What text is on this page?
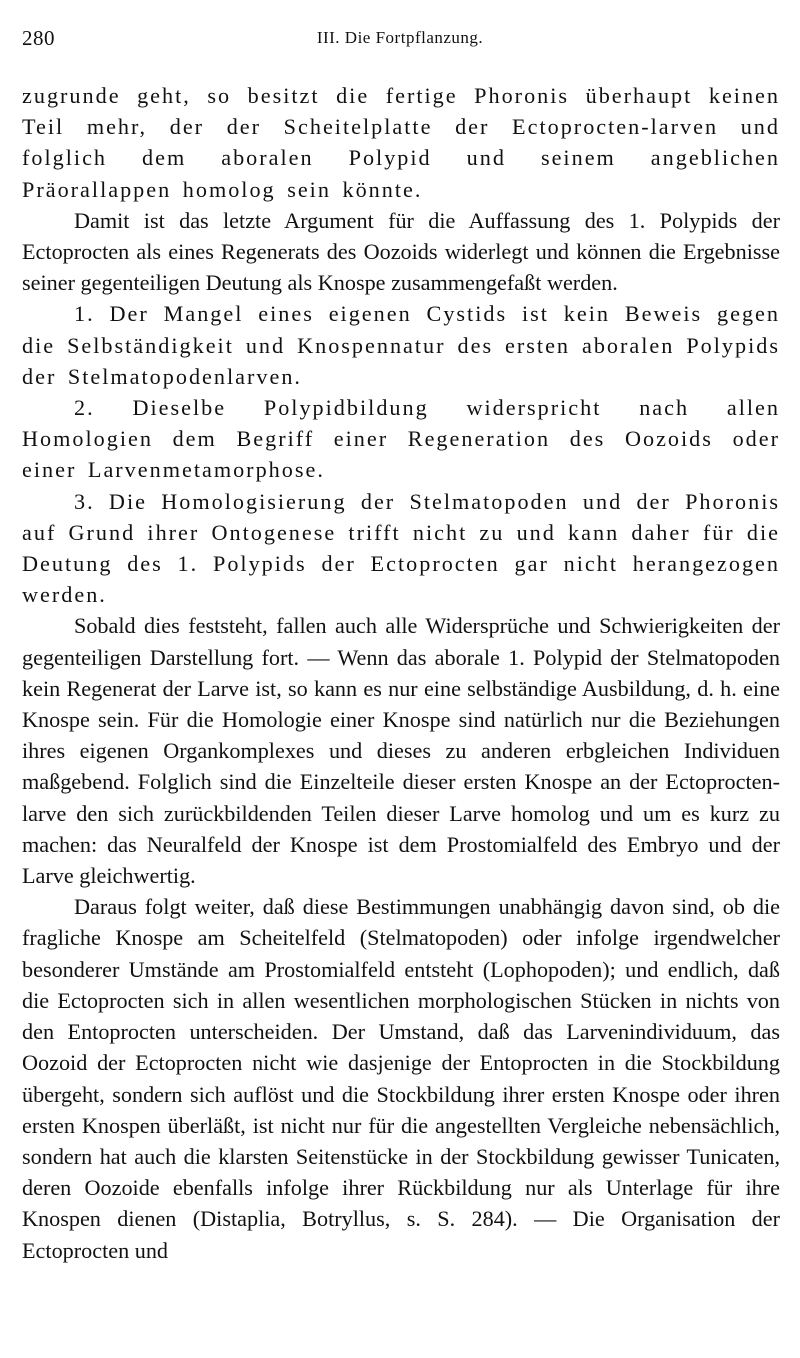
280	III. Die Fortpflanzung.

zugrunde geht, so besitzt die fertige Phoronis überhaupt keinen Teil mehr, der der Scheitelplatte der Ectoprocten-larven und folglich dem aboralen Polypid und seinem angeblichen Präorallappen homolog sein könnte.

Damit ist das letzte Argument für die Auffassung des 1. Polypids der Ectoprocten als eines Regenerats des Oozoids widerlegt und können die Ergebnisse seiner gegenteiligen Deutung als Knospe zusammengefaßt werden.

1. Der Mangel eines eigenen Cystids ist kein Beweis gegen die Selbständigkeit und Knospennatur des ersten aboralen Polypids der Stelmatopodenlarven.

2. Dieselbe Polypidbildung widerspricht nach allen Homologien dem Begriff einer Regeneration des Oozoids oder einer Larvenmetamorphose.

3. Die Homologisierung der Stelmatopoden und der Phoronis auf Grund ihrer Ontogenese trifft nicht zu und kann daher für die Deutung des 1. Polypids der Ectoprocten gar nicht herangezogen werden.

Sobald dies feststeht, fallen auch alle Widersprüche und Schwierigkeiten der gegenteiligen Darstellung fort. — Wenn das aborale 1. Polypid der Stelmatopoden kein Regenerat der Larve ist, so kann es nur eine selbständige Ausbildung, d. h. eine Knospe sein. Für die Homologie einer Knospe sind natürlich nur die Beziehungen ihres eigenen Organkomplexes und dieses zu anderen erbgleichen Individuen maßgebend. Folglich sind die Einzelteile dieser ersten Knospe an der Ectoprocten-larve den sich zurückbildenden Teilen dieser Larve homolog und um es kurz zu machen: das Neuralfeld der Knospe ist dem Prostomialfeld des Embryo und der Larve gleichwertig.

Daraus folgt weiter, daß diese Bestimmungen unabhängig davon sind, ob die fragliche Knospe am Scheitelfeld (Stelmatopoden) oder infolge irgendwelcher besonderer Umstände am Prostomialfeld entsteht (Lophopoden); und endlich, daß die Ectoprocten sich in allen wesentlichen morphologischen Stücken in nichts von den Entoprocten unterscheiden. Der Umstand, daß das Larvenindividuum, das Oozoid der Ectoprocten nicht wie dasjenige der Entoprocten in die Stockbildung übergeht, sondern sich auflöst und die Stockbildung ihrer ersten Knospe oder ihren ersten Knospen überläßt, ist nicht nur für die angestellten Vergleiche nebensächlich, sondern hat auch die klarsten Seitenstücke in der Stockbildung gewisser Tunicaten, deren Oozoide ebenfalls infolge ihrer Rückbildung nur als Unterlage für ihre Knospen dienen (Distaplia, Botryllus, s. S. 284). — Die Organisation der Ectoprocten und
